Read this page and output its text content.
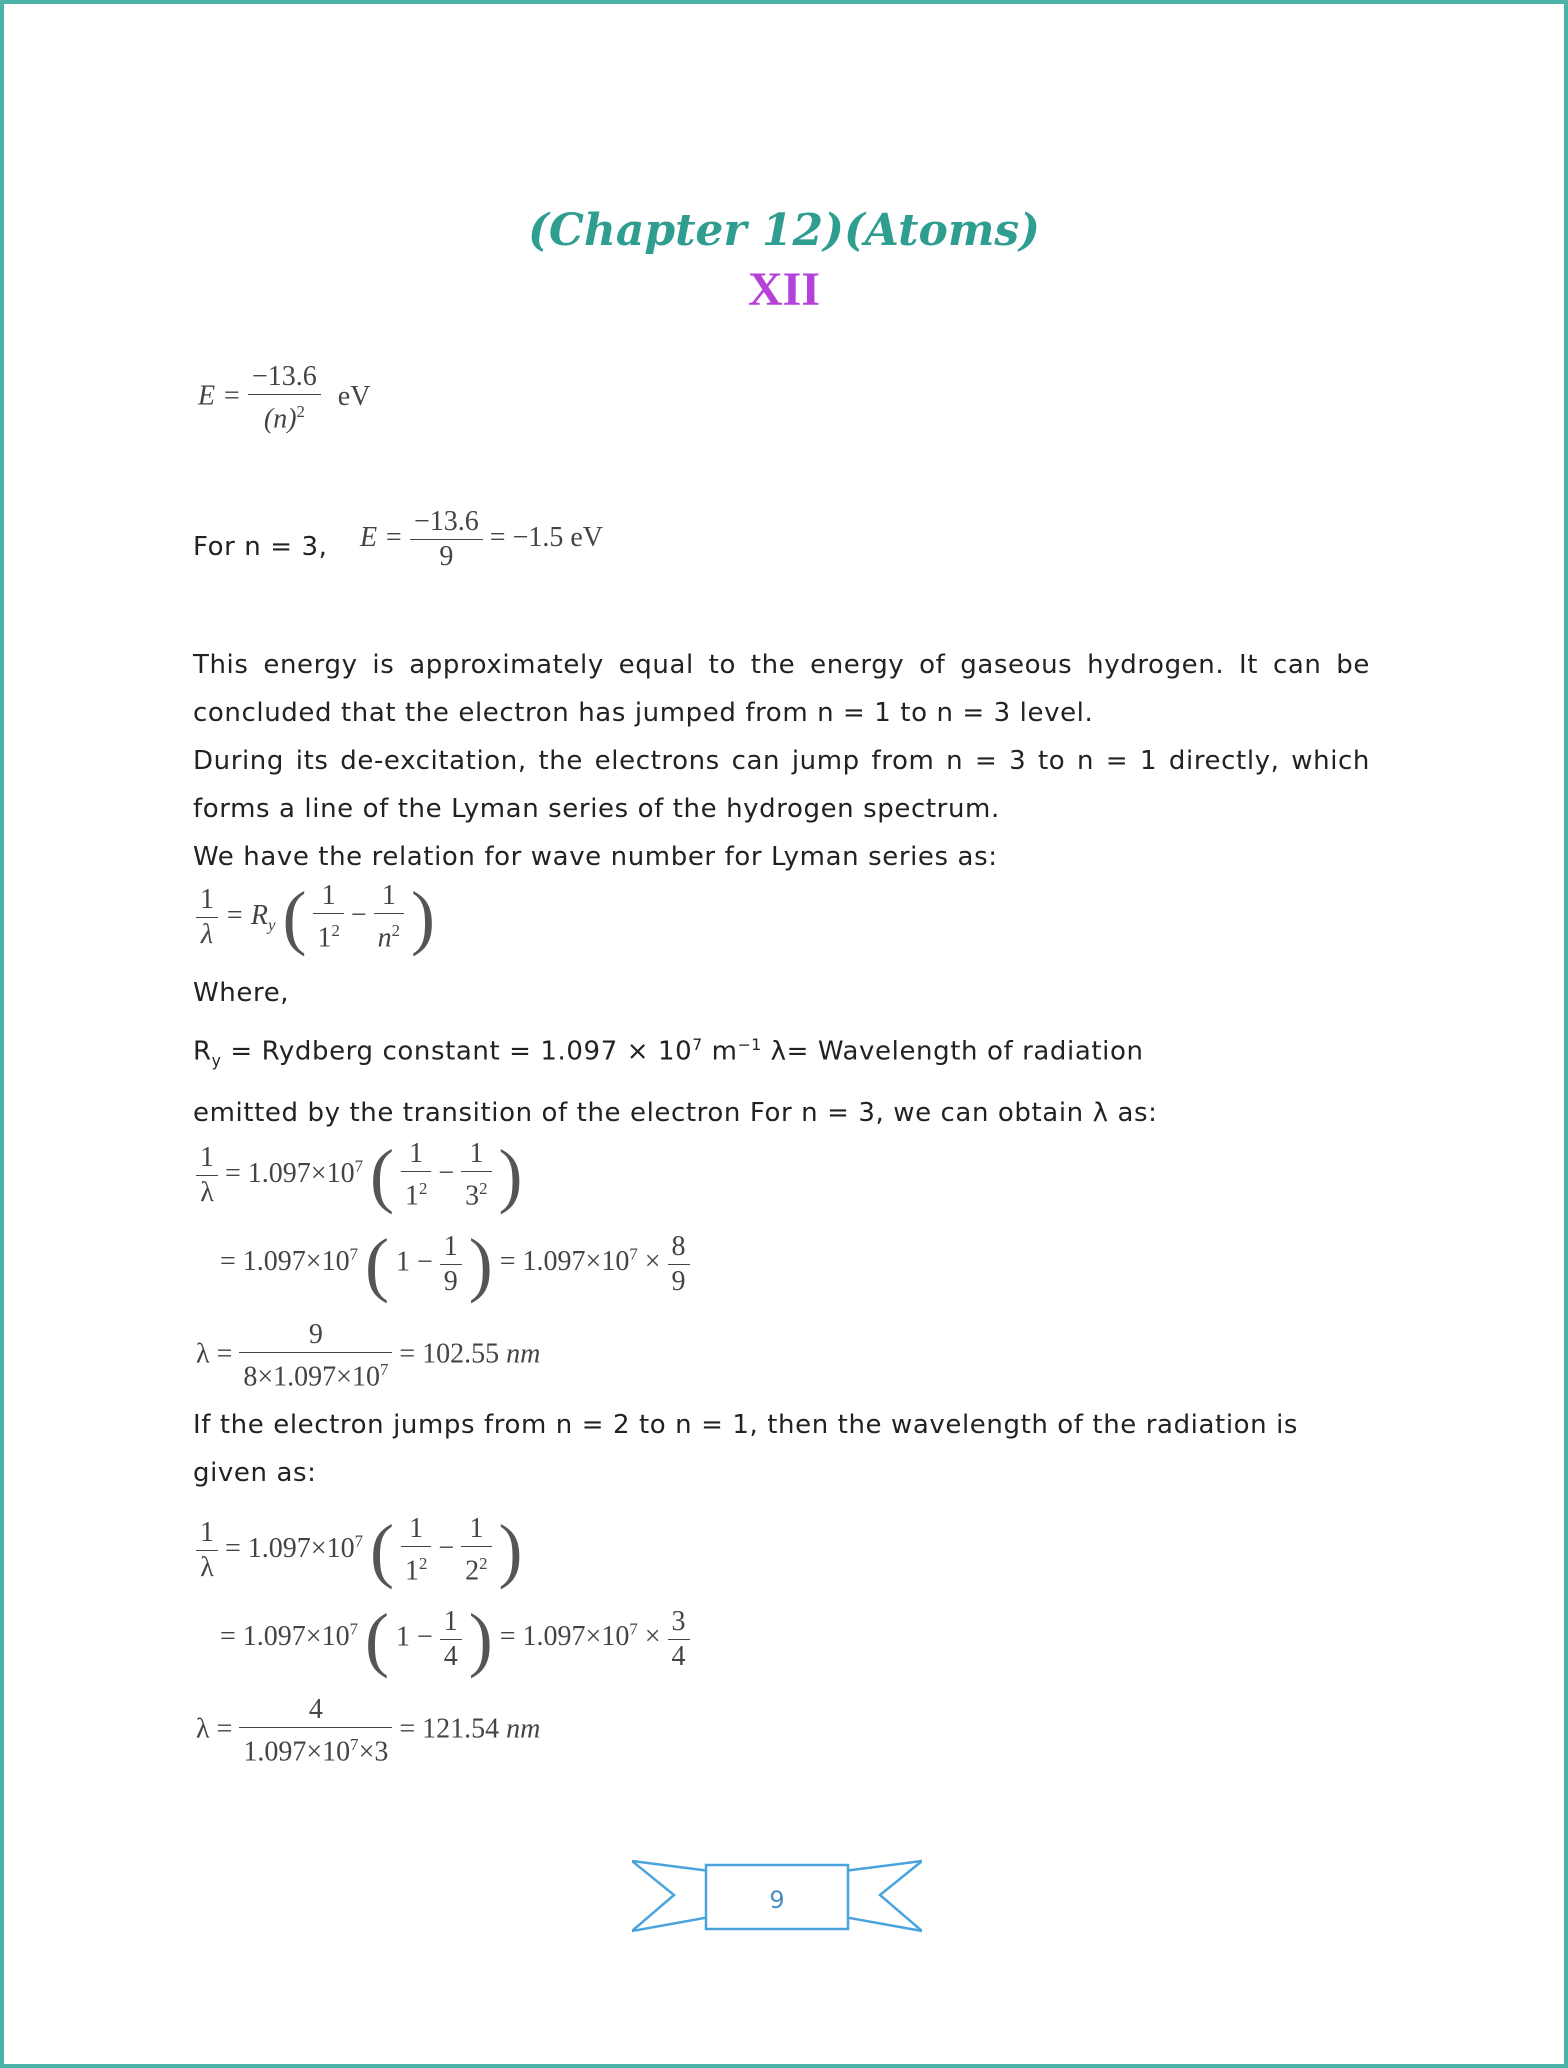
(Chapter 12)(Atoms)
XII
$E = \frac{-13.6}{(n)^2}$ eV

For n = 3,	$E = \frac{-13.6}{9} = -1.5$ eV

This energy is approximately equal to the energy of gaseous hydrogen. It can be concluded that the electron has jumped from n = 1 to n = 3 level.

During its de-excitation, the electrons can jump from n = 3 to n = 1 directly, which forms a line of the Lyman series of the hydrogen spectrum.

We have the relation for wave number for Lyman series as:

$\frac{1}{\lambda} = R_y$ ( $\frac{1}{1^2} - \frac{1}{n^2}$ )

Where,

$R_y$ = Rydberg constant = $1.097 \times 10^7$ $m^{-1}$ λ= Wavelength of radiation

emitted by the transition of the electron For n = 3, we can obtain λ as:

$\frac{1}{\lambda} = 1.097\times 10^7$ ( $\frac{1}{1^2} - \frac{1}{3^2}$ )
= $1.097\times 10^7$ ( $1 - \frac{1}{9}$ ) = $1.097\times 10^7 \times \frac{8}{9}$
$\lambda = \frac{9}{8\times 1.097\times 10^7} = 102.55$ nm

If the electron jumps from n = 2 to n = 1, then the wavelength of the radiation is given as:

$\frac{1}{\lambda} = 1.097\times 10^7$ ( $\frac{1}{1^2} - \frac{1}{2^2}$ )
= $1.097\times 10^7$ ( $1 - \frac{1}{4}$ ) = $1.097\times 10^7 \times \frac{3}{4}$
$\lambda = \frac{4}{1.097\times 10^7\times 3} = 121.54$ nm
9
